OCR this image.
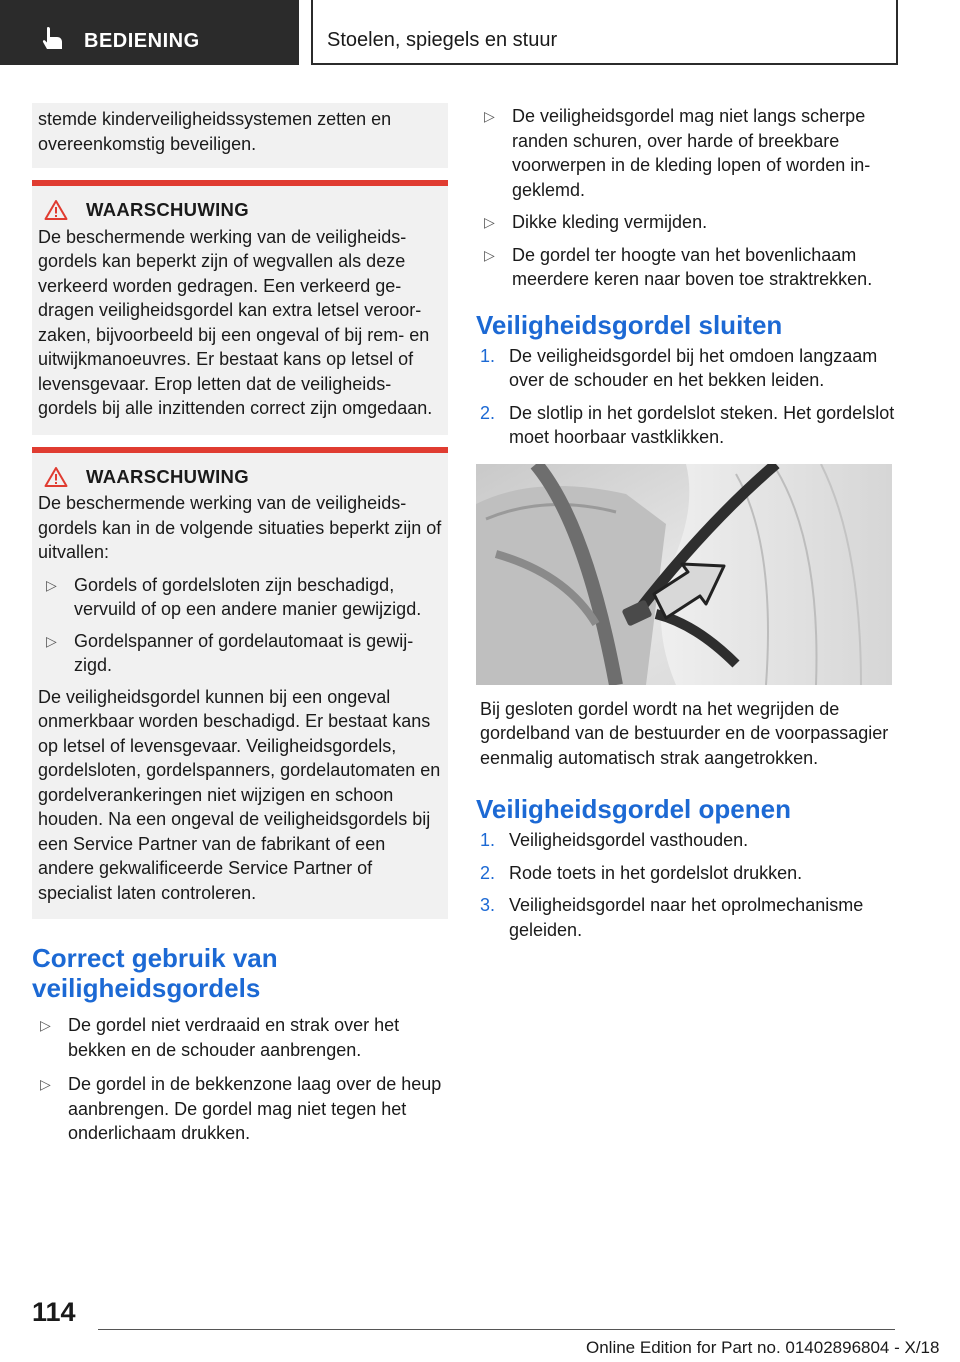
BEDIENING	Stoelen, spiegels en stuur
stemde kinderveiligheidssystemen zetten en overeenkomstig beveiligen.
WAARSCHUWING

De beschermende werking van de veiligheidsgordels kan beperkt zijn of wegvallen als deze verkeerd worden gedragen. Een verkeerd gedragen veiligheidsgordel kan extra letsel veroorzaken, bijvoorbeeld bij een ongeval of bij rem- en uitwijkmanoeuvres. Er bestaat kans op letsel of levensgevaar. Erop letten dat de veiligheidsgordels bij alle inzittenden correct zijn omgedaan.

WAARSCHUWING

De beschermende werking van de veiligheidsgordels kan in de volgende situaties beperkt zijn of uitvallen:

▷ Gordels of gordelsloten zijn beschadigd, vervuild of op een andere manier gewijzigd.
▷ Gordelspanner of gordelautomaat is gewijzigd.

De veiligheidsgordel kunnen bij een ongeval onmerkbaar worden beschadigd. Er bestaat kans op letsel of levensgevaar. Veiligheidsgordels, gordelsloten, gordelspanners, gordelautomaten en gordelverankeringen niet wijzigen en schoon houden. Na een ongeval de veiligheidsgordels bij een Service Partner van de fabrikant of een andere gekwalificeerde Service Partner of specialist laten controleren.

Correct gebruik van veiligheidsgordels
▷ De gordel niet verdraaid en strak over het bekken en de schouder aanbrengen.
▷ De gordel in de bekkenzone laag over de heup aanbrengen. De gordel mag niet tegen het onderlichaam drukken.
▷ De veiligheidsgordel mag niet langs scherpe randen schuren, over harde of breekbare voorwerpen in de kleding lopen of worden ingeklemd.
▷ Dikke kleding vermijden.
▷ De gordel ter hoogte van het bovenlichaam meerdere keren naar boven toe straktrekken.
Veiligheidsgordel sluiten
1. De veiligheidsgordel bij het omdoen langzaam over de schouder en het bekken leiden.
2. De slotlip in het gordelslot steken. Het gordelslot moet hoorbaar vastklikken.

Bij gesloten gordel wordt na het wegrijden de gordelband van de bestuurder en de voorpassagier eenmalig automatisch strak aangetrokken.

Veiligheidsgordel openen
1. Veiligheidsgordel vasthouden.
2. Rode toets in het gordelslot drukken.
3. Veiligheidsgordel naar het oprolmechanisme geleiden.
114
Online Edition for Part no. 01402896804 - X/18
